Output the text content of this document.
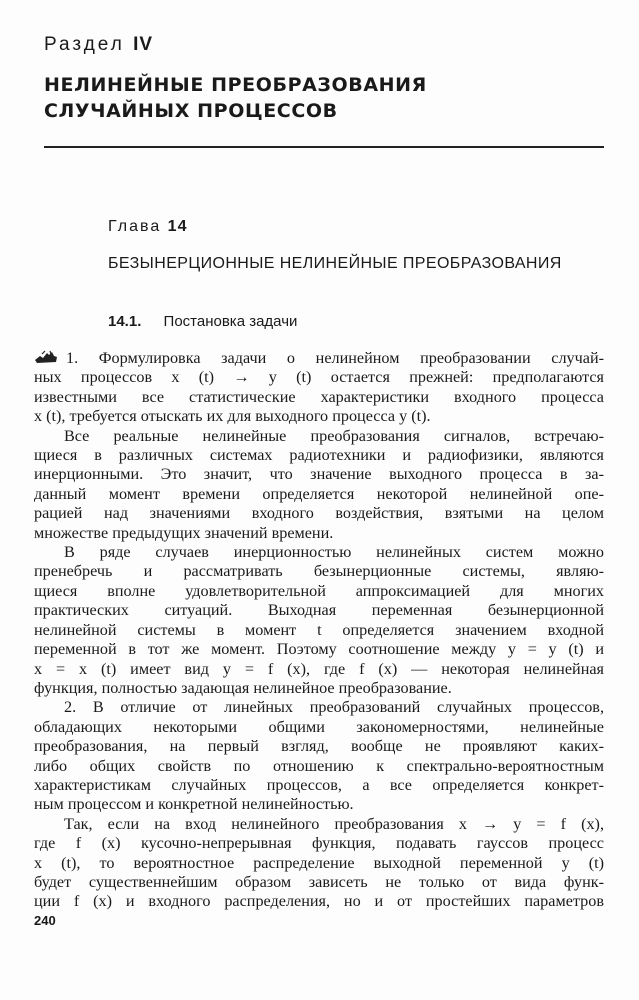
Раздел IV
НЕЛИНЕЙНЫЕ ПРЕОБРАЗОВАНИЯ
СЛУЧАЙНЫХ ПРОЦЕССОВ
Глава 14
БЕЗЫНЕРЦИОННЫЕ НЕЛИНЕЙНЫЕ ПРЕОБРАЗОВАНИЯ
14.1. Постановка задачи

1. Формулировка задачи о нелинейном преобразовании случай-

ных процессов x (t) → y (t) остается прежней: предполагаются

известными все статистические характеристики входного процесса

x (t), требуется отыскать их для выходного процесса y (t).

Все реальные нелинейные преобразования сигналов, встречаю-

щиеся в различных системах радиотехники и радиофизики, являются

инерционными. Это значит, что значение выходного процесса в за-

данный момент времени определяется некоторой нелинейной опе-

рацией над значениями входного воздействия, взятыми на целом

множестве предыдущих значений времени.

В ряде случаев инерционностью нелинейных систем можно

пренебречь и рассматривать безынерционные системы, являю-

щиеся вполне удовлетворительной аппроксимацией для многих

практических ситуаций. Выходная переменная безынерционной

нелинейной системы в момент t определяется значением входной

переменной в тот же момент. Поэтому соотношение между y = y (t) и

x = x (t) имеет вид y = f (x), где f (x) — некоторая нелинейная

функция, полностью задающая нелинейное преобразование.

2. В отличие от линейных преобразований случайных процессов,

обладающих некоторыми общими закономерностями, нелинейные

преобразования, на первый взгляд, вообще не проявляют каких-

либо общих свойств по отношению к спектрально-вероятностным

характеристикам случайных процессов, а все определяется конкрет-

ным процессом и конкретной нелинейностью.

Так, если на вход нелинейного преобразования x → y = f (x),

где f (x) кусочно-непрерывная функция, подавать гауссов процесс

x (t), то вероятностное распределение выходной переменной y (t)

будет существеннейшим образом зависеть не только от вида функ-

ции f (x) и входного распределения, но и от простейших параметров

240
